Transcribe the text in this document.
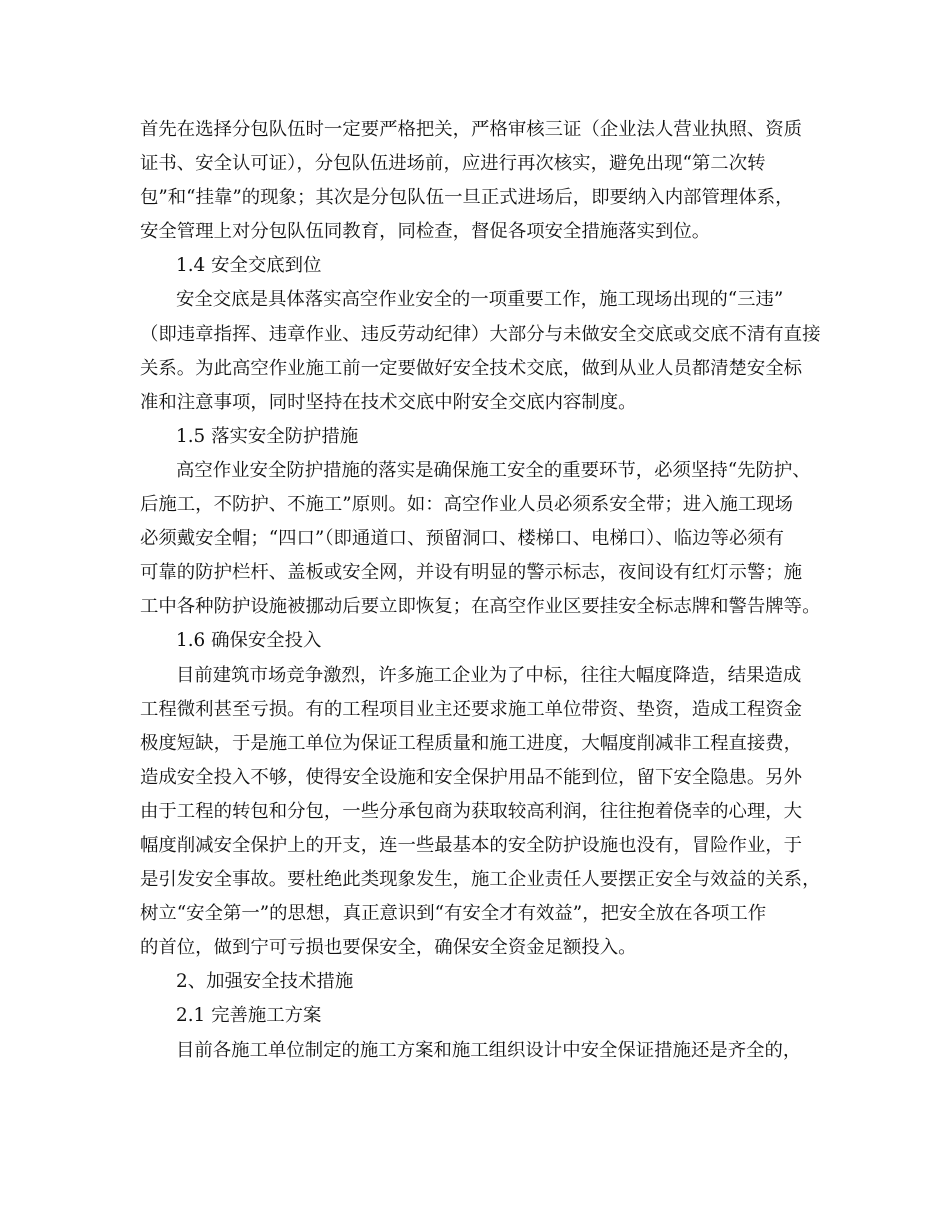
首先在选择分包队伍时一定要严格把关，严格审核三证（企业法人营业执照、资质
证书、安全认可证），分包队伍进场前，应进行再次核实，避免出现“第二次转
包”和“挂靠”的现象；其次是分包队伍一旦正式进场后，即要纳入内部管理体系，
安全管理上对分包队伍同教育，同检查，督促各项安全措施落实到位。
1.4 安全交底到位
安全交底是具体落实高空作业安全的一项重要工作，施工现场出现的“三违”
（即违章指挥、违章作业、违反劳动纪律）大部分与未做安全交底或交底不清有直接
关系。为此高空作业施工前一定要做好安全技术交底，做到从业人员都清楚安全标
准和注意事项，同时坚持在技术交底中附安全交底内容制度。
1.5 落实安全防护措施
高空作业安全防护措施的落实是确保施工安全的重要环节，必须坚持“先防护、
后施工，不防护、不施工”原则。如：高空作业人员必须系安全带；进入施工现场
必须戴安全帽；“四口”（即通道口、预留洞口、楼梯口、电梯口）、临边等必须有
可靠的防护栏杆、盖板或安全网，并设有明显的警示标志，夜间设有红灯示警；施
工中各种防护设施被挪动后要立即恢复；在高空作业区要挂安全标志牌和警告牌等。
1.6 确保安全投入
目前建筑市场竞争激烈，许多施工企业为了中标，往往大幅度降造，结果造成
工程微利甚至亏损。有的工程项目业主还要求施工单位带资、垫资，造成工程资金
极度短缺，于是施工单位为保证工程质量和施工进度，大幅度削减非工程直接费，
造成安全投入不够，使得安全设施和安全保护用品不能到位，留下安全隐患。另外
由于工程的转包和分包，一些分承包商为获取较高利润，往往抱着侥幸的心理，大
幅度削减安全保护上的开支，连一些最基本的安全防护设施也没有，冒险作业，于
是引发安全事故。要杜绝此类现象发生，施工企业责任人要摆正安全与效益的关系，
树立“安全第一”的思想，真正意识到“有安全才有效益”，把安全放在各项工作
的首位，做到宁可亏损也要保安全，确保安全资金足额投入。
2、加强安全技术措施
2.1 完善施工方案
目前各施工单位制定的施工方案和施工组织设计中安全保证措施还是齐全的，
